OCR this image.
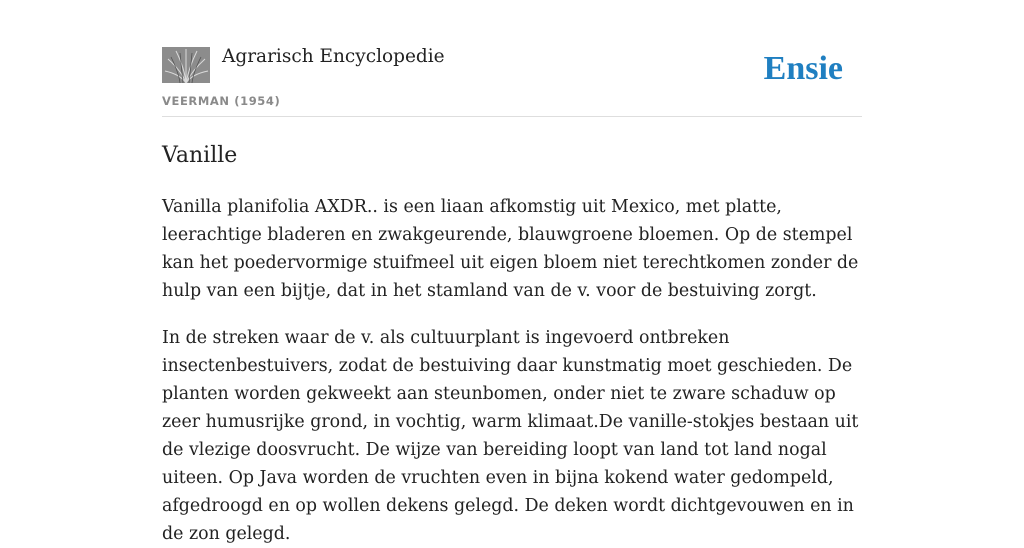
Agrarisch Encyclopedie
VEERMAN (1954)
Ensie
Vanille

Vanilla planifolia AXDR.. is een liaan afkomstig uit Mexico, met platte, leerachtige bladeren en zwakgeurende, blauwgroene bloemen. Op de stempel kan het poedervormige stuifmeel uit eigen bloem niet terechtkomen zonder de hulp van een bijtje, dat in het stamland van de v. voor de bestuiving zorgt.

In de streken waar de v. als cultuurplant is ingevoerd ontbreken insectenbestuivers, zodat de bestuiving daar kunstmatig moet geschieden. De planten worden gekweekt aan steunbomen, onder niet te zware schaduw op zeer humusrijke grond, in vochtig, warm klimaat.De vanille-stokjes bestaan uit de vlezige doosvrucht. De wijze van bereiding loopt van land tot land nogal uiteen. Op Java worden de vruchten even in bijna kokend water gedompeld, afgedroogd en op wollen dekens gelegd. De deken wordt dichtgevouwen en in de zon gelegd.
